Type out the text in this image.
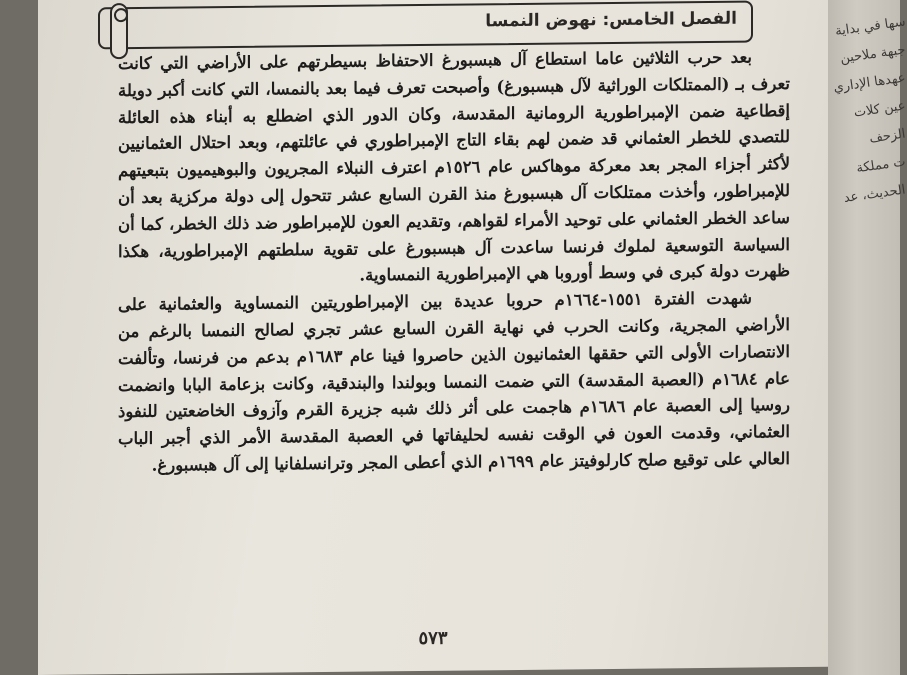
الفصل الخامس: نهوض النمسا

بعد حرب الثلاثين عاما استطاع آل هبسبورغ الاحتفاظ بسيطرتهم على الأراضي التي كانت تعرف بـ (الممتلكات الوراثية لآل هبسبورغ) وأصبحت تعرف فيما بعد بالنمسا، التي كانت أكبر دويلة إقطاعية ضمن الإمبراطورية الرومانية المقدسة، وكان الدور الذي اضطلع به أبناء هذه العائلة للتصدي للخطر العثماني قد ضمن لهم بقاء التاج الإمبراطوري في عائلتهم، وبعد احتلال العثمانيين لأكثر أجزاء المجر بعد معركة موهاكس عام ١٥٢٦م اعترف النبلاء المجريون والبوهيميون بتبعيتهم للإمبراطور، وأخذت ممتلكات آل هبسبورغ منذ القرن السابع عشر تتحول إلى دولة مركزية بعد أن ساعد الخطر العثماني على توحيد الأمراء لقواهم، وتقديم العون للإمبراطور ضد ذلك الخطر، كما أن السياسة التوسعية لملوك فرنسا ساعدت آل هبسبورغ على تقوية سلطتهم الإمبراطورية، هكذا ظهرت دولة كبرى في وسط أوروبا هي الإمبراطورية النمساوية.

شهدت الفترة ١٥٥١-١٦٦٤م حروبا عديدة بين الإمبراطوريتين النمساوية والعثمانية على الأراضي المجرية، وكانت الحرب في نهاية القرن السابع عشر تجري لصالح النمسا بالرغم من الانتصارات الأولى التي حققها العثمانيون الذين حاصروا فينا عام ١٦٨٣م بدعم من فرنسا، وتألفت عام ١٦٨٤م (العصبة المقدسة) التي ضمت النمسا وبولندا والبندقية، وكانت بزعامة البابا وانضمت روسيا إلى العصبة عام ١٦٨٦م هاجمت على أثر ذلك شبه جزيرة القرم وآزوف الخاضعتين للنفوذ العثماني، وقدمت العون في الوقت نفسه لحليفاتها في العصبة المقدسة الأمر الذي أجبر الباب العالي على توقيع صلح كارلوفيتز عام ١٦٩٩م الذي أعطى المجر وترانسلفانيا إلى آل هبسبورغ.

٥٧٣
سها في بداية
جبهة ملاحين
عهدها الإداري
عين كلات
الزحف
ت مملكة
الحديث، عد
